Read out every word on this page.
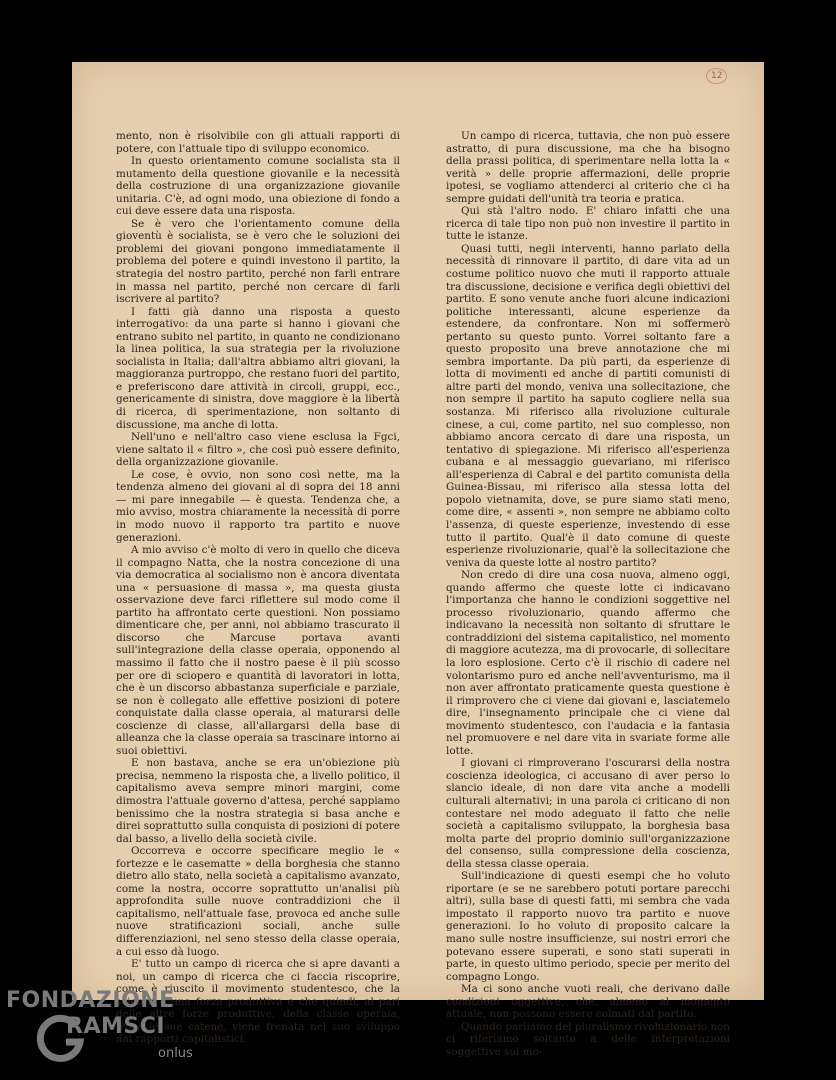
12

mento, non è risolvibile con gli attuali rapporti di potere, con l'attuale tipo di sviluppo economico.

In questo orientamento comune socialista sta il mutamento della questione giovanile e la necessità della costruzione di una organizzazione giovanile unitaria. C'è, ad ogni modo, una obiezione di fondo a cui deve essere data una risposta.

Se è vero che l'orientamento comune della gioventù è socialista, se è vero che le soluzioni dei problemi dei giovani pongono immediatamente il problema del potere e quindi investono il partito, la strategia del nostro partito, perché non farli entrare in massa nel partito, perché non cercare di farli iscrivere al partito?

I fatti già danno una risposta a questo interrogativo: da una parte si hanno i giovani che entrano subito nel partito, in quanto ne condizionano la linea politica, la sua strategia per la rivoluzione socialista in Italia; dall'altra abbiamo altri giovani, la maggioranza purtroppo, che restano fuori del partito, e preferiscono dare attività in circoli, gruppi, ecc., genericamente di sinistra, dove maggiore è la libertà di ricerca, di sperimentazione, non soltanto di discussione, ma anche di lotta.

Nell'uno e nell'altro caso viene esclusa la Fgci, viene saltato il « filtro », che così può essere definito, della organizzazione giovanile.

Le cose, è ovvio, non sono così nette, ma la tendenza almeno dei giovani al di sopra dei 18 anni — mi pare innegabile — è questa. Tendenza che, a mio avviso, mostra chiaramente la necessità di porre in modo nuovo il rapporto tra partito e nuove generazioni.

A mio avviso c'è molto di vero in quello che diceva il compagno Natta, che la nostra concezione di una via democratica al socialismo non è ancora diventata una « persuasione di massa », ma questa giusta osservazione deve farci riflettere sul modo come il partito ha affrontato certe questioni. Non possiamo dimenticare che, per anni, noi abbiamo trascurato il discorso che Marcuse portava avanti sull'integrazione della classe operaia, opponendo al massimo il fatto che il nostro paese è il più scosso per ore di sciopero e quantità di lavoratori in lotta, che è un discorso abbastanza superficiale e parziale, se non è collegato alle effettive posizioni di potere conquistate dalla classe operaia, al maturarsi delle coscienze di classe, all'allargarsi della base di alleanza che la classe operaia sa trascinare intorno ai suoi obiettivi.

E non bastava, anche se era un'obiezione più precisa, nemmeno la risposta che, a livello politico, il capitalismo aveva sempre minori margini, come dimostra l'attuale governo d'attesa, perché sappiamo benissimo che la nostra strategia si basa anche e direi soprattutto sulla conquista di posizioni di potere dal basso, a livello della società civile.

Occorreva e occorre specificare meglio le « fortezze e le casematte » della borghesia che stanno dietro allo stato, nella società a capitalismo avanzato, come la nostra, occorre soprattutto un'analisi più approfondita sulle nuove contraddizioni che il capitalismo, nell'attuale fase, provoca ed anche sulle nuove stratificazioni sociali, anche sulle differenziazioni, nel seno stesso della classe operaia, a cui esso dà luogo.

E' tutto un campo di ricerca che si apre davanti a noi, un campo di ricerca che ci faccia riscoprire, come è riuscito il movimento studentesco, che la scienza è una forza produttiva e che quindi, al pari delle altre forze produttive, della classe operaia, trova le sue catene, viene frenata nel suo sviluppo dai rapporti capitalistici.

Un campo di ricerca, tuttavia, che non può essere astratto, di pura discussione, ma che ha bisogno della prassi politica, di sperimentare nella lotta la « verità » delle proprie affermazioni, delle proprie ipotesi, se vogliamo attenderci al criterio che ci ha sempre guidati dell'unità tra teoria e pratica.

Qui stà l'altro nodo. E' chiaro infatti che una ricerca di tale tipo non può non investire il partito in tutte le istanze.

Quasi tutti, negli interventi, hanno parlato della necessità di rinnovare il partito, di dare vita ad un costume politico nuovo che muti il rapporto attuale tra discussione, decisione e verifica degli obiettivi del partito. E sono venute anche fuori alcune indicazioni politiche interessanti, alcune esperienze da estendere, da confrontare. Non mi soffermerò pertanto su questo punto. Vorrei soltanto fare a questo proposito una breve annotazione che mi sembra importante. Da più parti, da esperienze di lotta di movimenti ed anche di partiti comunisti di altre parti del mondo, veniva una sollecitazione, che non sempre il partito ha saputo cogliere nella sua sostanza. Mi riferisco alla rivoluzione culturale cinese, a cui, come partito, nel suo complesso, non abbiamo ancora cercato di dare una risposta, un tentativo di spiegazione. Mi riferisco all'esperienza cubana e al messaggio guevariano, mi riferisco all'esperienza di Cabral e del partito comunista della Guinea-Bissau, mi riferisco alla stessa lotta del popolo vietnamita, dove, se pure siamo stati meno, come dire, « assenti », non sempre ne abbiamo colto l'assenza, di queste esperienze, investendo di esse tutto il partito. Qual'è il dato comune di queste esperienze rivoluzionarie, qual'è la sollecitazione che veniva da queste lotte al nostro partito?

Non credo di dire una cosa nuova, almeno oggi, quando affermo che queste lotte ci indicavano l'importanza che hanno le condizioni soggettive nel processo rivoluzionario, quando affermo che indicavano la necessità non soltanto di sfruttare le contraddizioni del sistema capitalistico, nel momento di maggiore acutezza, ma di provocarle, di sollecitare la loro esplosione. Certo c'è il rischio di cadere nel volontarismo puro ed anche nell'avventurismo, ma il non aver affrontato praticamente questa questione è il rimprovero che ci viene dai giovani e, lasciatemelo dire, l'insegnamento principale che ci viene dal movimento studentesco, con l'audacia e la fantasia nel promuovere e nel dare vita in svariate forme alle lotte.

I giovani ci rimproverano l'oscurarsi della nostra coscienza ideologica, ci accusano di aver perso lo slancio ideale, di non dare vita anche a modelli culturali alternativi; in una parola ci criticano di non contestare nel modo adeguato il fatto che nelle società a capitalismo sviluppato, la borghesia basa molta parte del proprio dominio sull'organizzazione del consenso, sulla compressione della coscienza, della stessa classe operaia.

Sull'indicazione di questi esempi che ho voluto riportare (e se ne sarebbero potuti portare parecchi altri), sulla base di questi fatti, mi sembra che vada impostato il rapporto nuovo tra partito e nuove generazioni. Io ho voluto di proposito calcare la mano sulle nostre insufficienze, sui nostri errori che potevano essere superati, e sono stati superati in parte, in questo ultimo periodo, specie per merito del compagno Longo.

Ma ci sono anche vuoti reali, che derivano dalle condizioni oggettive, che, almeno al momento attuale, non possono essere colmati dal partito.

Quando parliamo del pluralismo rivoluzionario non ci riferiamo soltanto a delle interpretazioni soggettive sul mo-

FONDAZIONE
RAMSCI
onlus
